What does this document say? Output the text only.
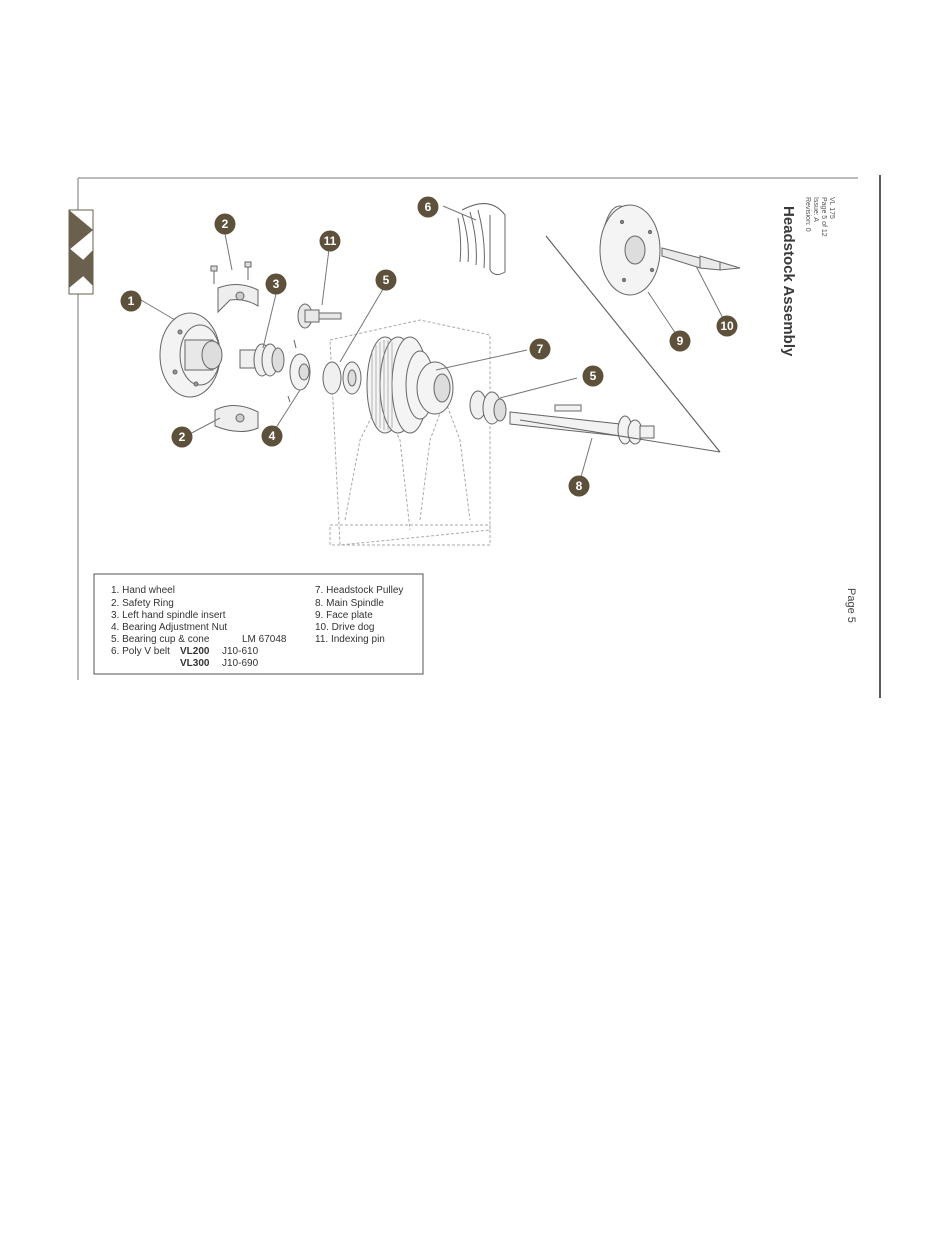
VL 175
Page 5 of 12
Issue: A
Revision: 0
Headstock Assembly
Page 5
1
2
2
3
4
5
5
6
7
8
9
10
11
1. Hand wheel
2. Safety Ring
3. Left hand spindle insert
4. Bearing Adjustment Nut
5. Bearing cup & cone	LM 67048
6. Poly V belt VL200 J10-610
VL300 J10-690
7. Headstock Pulley
8. Main Spindle
9. Face plate
10. Drive dog
11. Indexing pin
